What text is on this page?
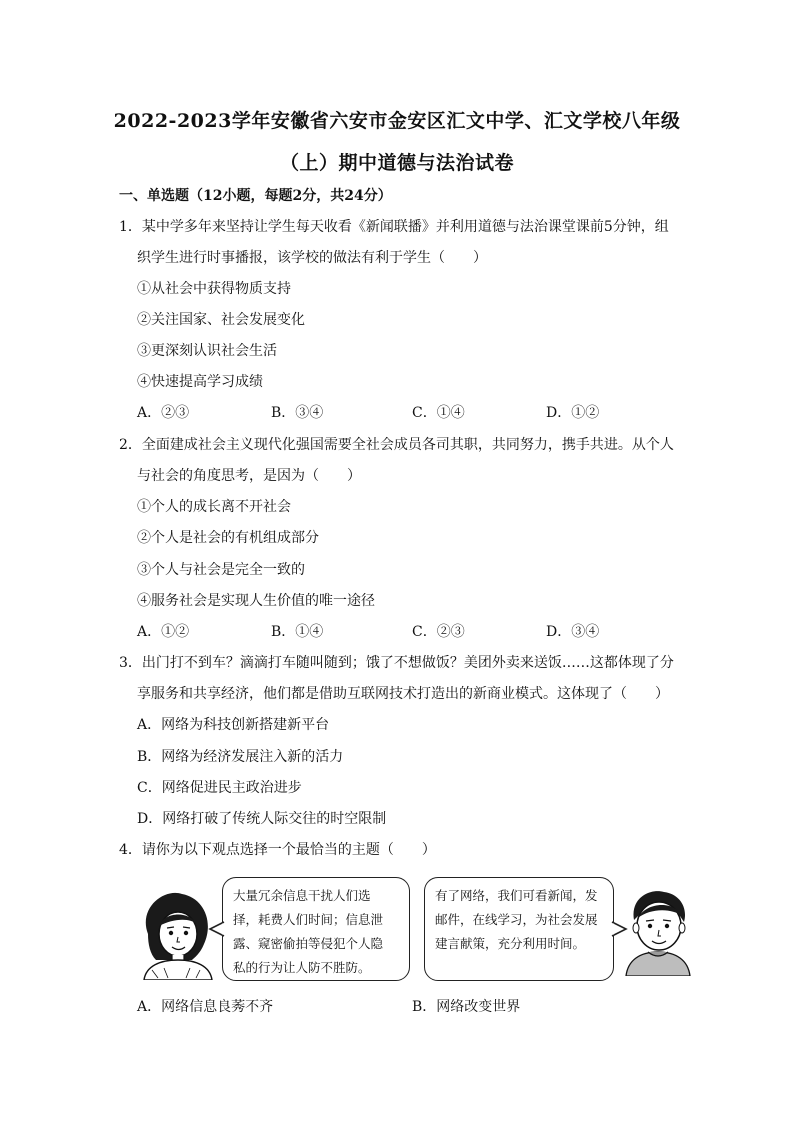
2022-2023学年安徽省六安市金安区汇文中学、汇文学校八年级
（上）期中道德与法治试卷
一、单选题（12小题，每题2分，共24分）
1．某中学多年来坚持让学生每天收看《新闻联播》并利用道德与法治课堂课前5分钟，组
织学生进行时事播报，该学校的做法有利于学生（　　）
①从社会中获得物质支持
②关注国家、社会发展变化
③更深刻认识社会生活
④快速提高学习成绩
A．②③	B．③④	C．①④	D．①②
2．全面建成社会主义现代化强国需要全社会成员各司其职，共同努力，携手共进。从个人
与社会的角度思考，是因为（　　）
①个人的成长离不开社会
②个人是社会的有机组成部分
③个人与社会是完全一致的
④服务社会是实现人生价值的唯一途径
A．①②	B．①④	C．②③	D．③④
3．出门打不到车？滴滴打车随叫随到；饿了不想做饭？美团外卖来送饭……这都体现了分
享服务和共享经济，他们都是借助互联网技术打造出的新商业模式。这体现了（　　）
A．网络为科技创新搭建新平台
B．网络为经济发展注入新的活力
C．网络促进民主政治进步
D．网络打破了传统人际交往的时空限制
4．请你为以下观点选择一个最恰当的主题（　　）
大量冗余信息干扰人们选
择，耗费人们时间；信息泄
露、窥密偷拍等侵犯个人隐
私的行为让人防不胜防。
有了网络，我们可看新闻，发
邮件，在线学习，为社会发展
建言献策，充分利用时间。
A．网络信息良莠不齐	B．网络改变世界
